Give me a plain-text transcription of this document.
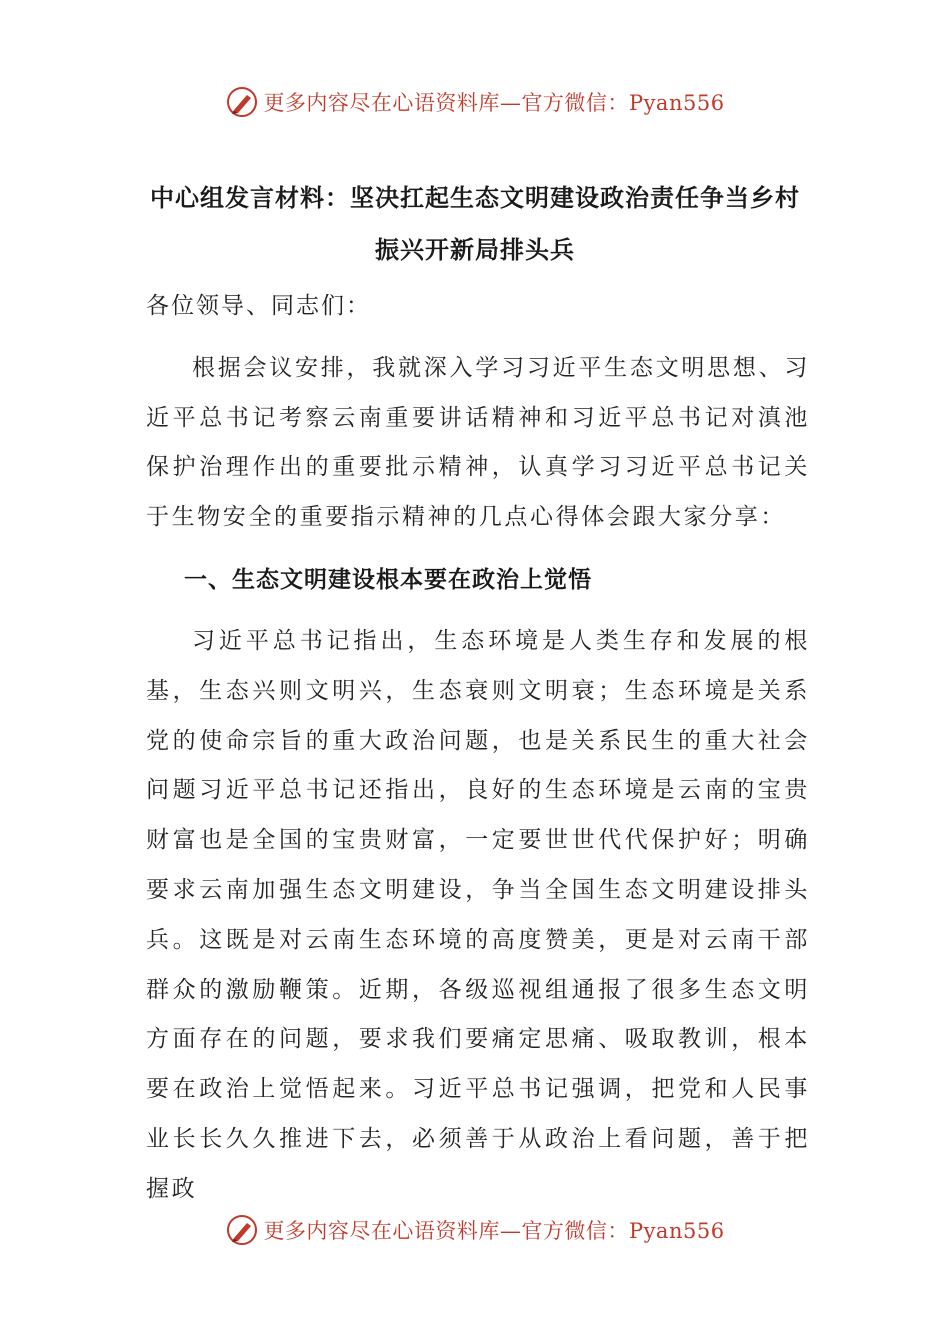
更多内容尽在心语资料库—官方微信：Pyan556
中心组发言材料：坚决扛起生态文明建设政治责任争当乡村振兴开新局排头兵
各位领导、同志们：
根据会议安排，我就深入学习习近平生态文明思想、习近平总书记考察云南重要讲话精神和习近平总书记对滇池保护治理作出的重要批示精神，认真学习习近平总书记关于生物安全的重要指示精神的几点心得体会跟大家分享：
一、生态文明建设根本要在政治上觉悟
习近平总书记指出，生态环境是人类生存和发展的根基，生态兴则文明兴，生态衰则文明衰；生态环境是关系党的使命宗旨的重大政治问题，也是关系民生的重大社会问题习近平总书记还指出，良好的生态环境是云南的宝贵财富也是全国的宝贵财富，一定要世世代代保护好；明确要求云南加强生态文明建设，争当全国生态文明建设排头兵。这既是对云南生态环境的高度赞美，更是对云南干部群众的激励鞭策。近期，各级巡视组通报了很多生态文明方面存在的问题，要求我们要痛定思痛、吸取教训，根本要在政治上觉悟起来。习近平总书记强调，把党和人民事业长长久久推进下去，必须善于从政治上看问题，善于把握政
更多内容尽在心语资料库—官方微信：Pyan556
